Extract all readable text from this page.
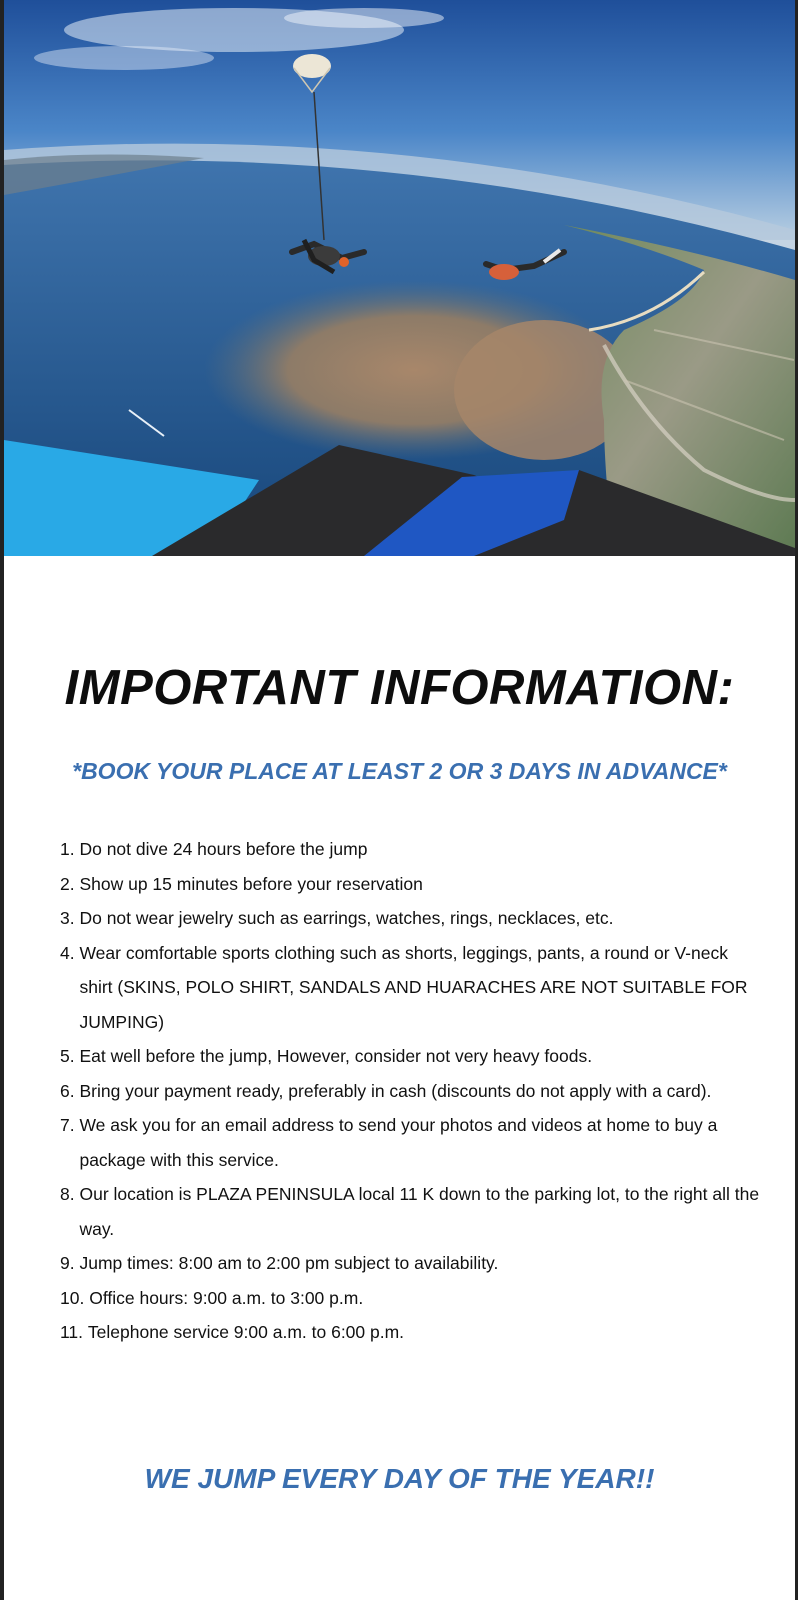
IMPORTANT INFORMATION:

*BOOK YOUR PLACE AT LEAST 2 OR 3 DAYS IN ADVANCE*

1. Do not dive 24 hours before the jump
2. Show up 15 minutes before your reservation
3. Do not wear jewelry such as earrings, watches, rings, necklaces, etc.
4. Wear comfortable sports clothing such as shorts, leggings, pants, a round or V-neck shirt (SKINS, POLO SHIRT, SANDALS AND HUARACHES ARE NOT SUITABLE FOR JUMPING)
5. Eat well before the jump, However, consider not very heavy foods.
6. Bring your payment ready, preferably in cash (discounts do not apply with a card).
7. We ask you for an email address to send your photos and videos at home to buy a package with this service.
8. Our location is PLAZA PENINSULA local 11 K down to the parking lot, to the right all the way.
9. Jump times: 8:00 am to 2:00 pm subject to availability.
10. Office hours: 9:00 a.m. to 3:00 p.m.
11. Telephone service 9:00 a.m. to 6:00 p.m.

WE JUMP EVERY DAY OF THE YEAR!!
